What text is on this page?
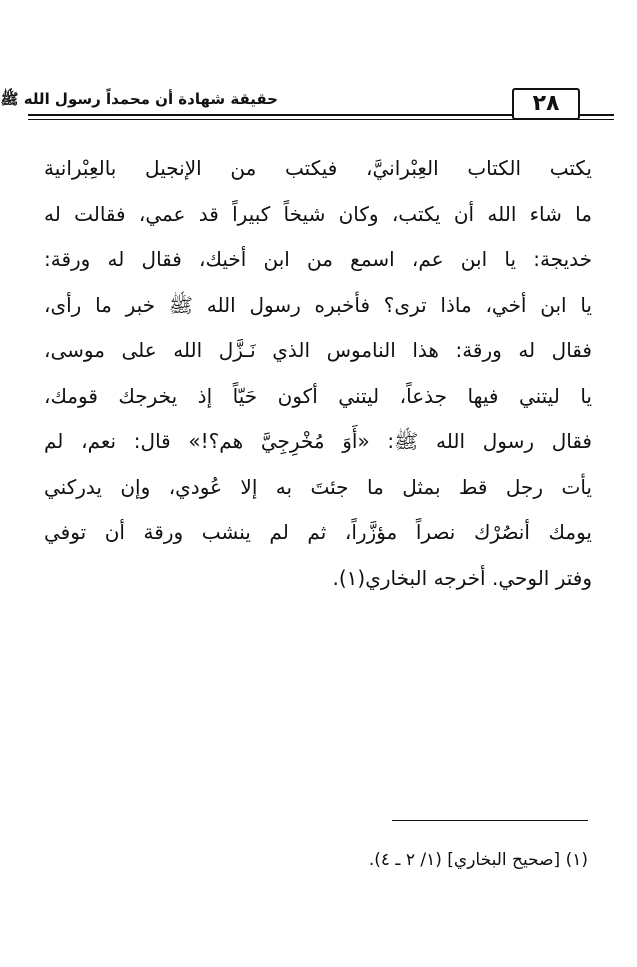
حقيقة شهادة أن محمداً رسول الله ﷺ	٢٨
يكتب الكتاب العِبْرانيَّ، فيكتب من الإنجيل بالعِبْرانية
ما شاء الله أن يكتب، وكان شيخاً كبيراً قد عمي، فقالت له
خديجة: يا ابن عم، اسمع من ابن أخيك، فقال له ورقة:
يا ابن أخي، ماذا ترى؟ فأخبره رسول الله ﷺ خبر ما رأى،
فقال له ورقة: هذا الناموس الذي نَـزَّل الله على موسى،
يا ليتني فيها جذعاً، ليتني أكون حَيّاً إذ يخرجك قومك،
فقال رسول الله ﷺ: «أَوَ مُخْرِجِيَّ هم؟!» قال: نعم، لم
يأت رجل قط بمثل ما جئتَ به إلا عُودي، وإن يدركني
يومك أنصُرْك نصراً مؤزَّراً، ثم لم ينشب ورقة أن توفي
وفتر الوحي. أخرجه البخاري(١).
(١) [صحيح البخاري] (١/ ٢ ـ ٤).
